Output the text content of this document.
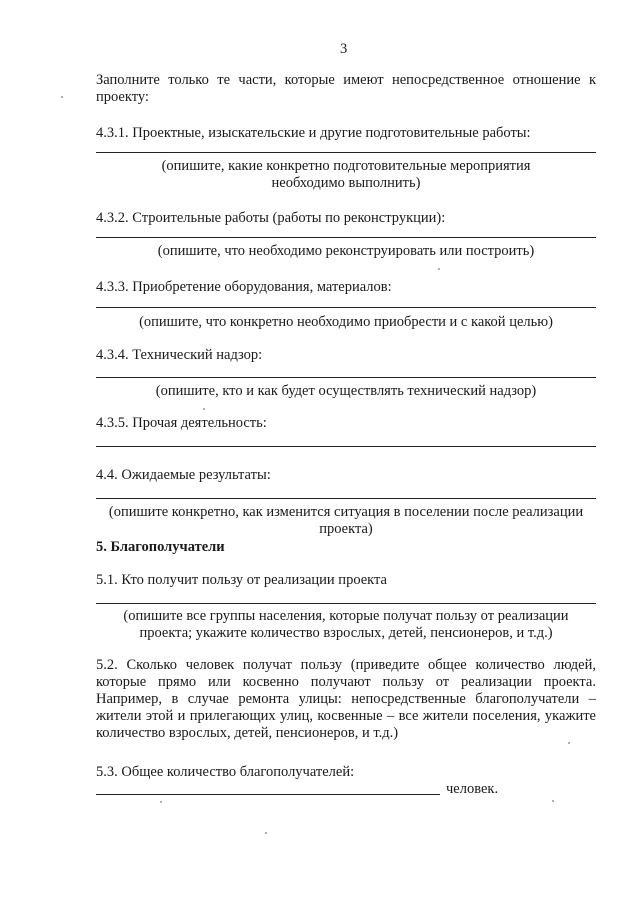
3
Заполните только те части, которые имеют непосредственное отношение к проекту:
4.3.1. Проектные, изыскательские и другие подготовительные работы:
(опишите, какие конкретно подготовительные мероприятия
необходимо выполнить)
4.3.2. Строительные работы (работы по реконструкции):
(опишите, что необходимо реконструировать или построить)
4.3.3. Приобретение оборудования, материалов:
(опишите, что конкретно необходимо приобрести и с какой целью)
4.3.4. Технический надзор:
(опишите, кто и как будет осуществлять технический надзор)
4.3.5. Прочая деятельность:
4.4. Ожидаемые результаты:
(опишите конкретно, как изменится ситуация в поселении после реализации
проекта)
5. Благополучатели
5.1. Кто получит пользу от реализации проекта
(опишите все группы населения, которые получат пользу от реализации
проекта; укажите количество взрослых, детей, пенсионеров, и т.д.)
5.2. Сколько человек получат пользу (приведите общее количество людей, которые прямо или косвенно получают пользу от реализации проекта. Например, в случае ремонта улицы: непосредственные благополучатели – жители этой и прилегающих улиц, косвенные – все жители поселения, укажите количество взрослых, детей, пенсионеров, и т.д.)
5.3. Общее количество благополучателей:
человек.
